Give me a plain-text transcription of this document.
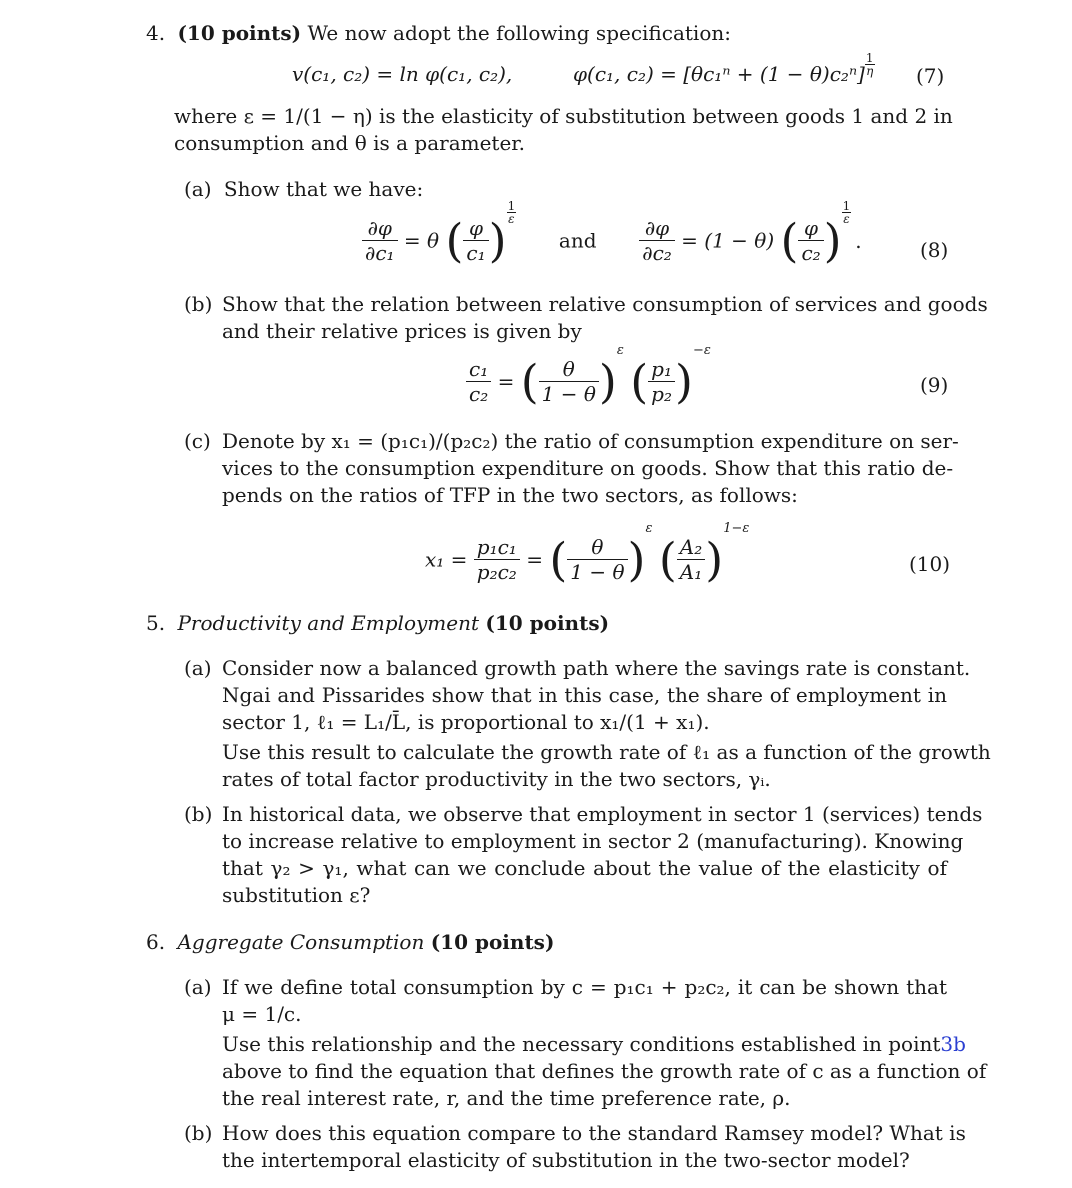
4. (10 points) We now adopt the following specification:
v(c₁, c₂) = ln φ(c₁, c₂),	φ(c₁, $c_2) = [\theta c_1^n + (1 - \theta)c_2^n] \frac{1}{\eta} (7)$
where ε = 1/(1 − η) is the elasticity of substitution between goods 1 and 2 in
consumption and θ is a parameter.
(a) Show that we have:
$\frac{\partial\varphi}{\text{∂c₁}} = \theta$ ( $\frac{\varphi}{\text{c₁}}$ )
$\frac{1}{\varepsilon}$
and $\frac{\partial\varphi}{\text{∂c₂}} = (1 - \theta)$ ( $\frac{\varphi}{\text{c₂}}$ )
$\frac{1}{\varepsilon}$
.	(8)
(b) Show that the relation between relative consumption of services and goods
and their relative prices is given by
$\frac{\text{c₁}}{\text{c₂}}$ = ( $\frac{\theta}{1 - \theta} )^\varepsilon$ ( $\frac{\text{p₁}}{\text{p₂}} )^{-\varepsilon}$
(9)
(c) Denote by x₁ = (p₁c₁)/(p₂c₂) the ratio of consumption expenditure on ser-
vices to the consumption expenditure on goods. Show that this ratio de-
pends on the ratios of TFP in the two sectors, as follows:
$x_1 = \frac{\text{p₁c₁}}{\text{p₂c₂}}$ = ( $\frac{\theta}{1 - \theta} )^\varepsilon$ ( $\frac{\text{A₂}}{\text{A₁}} )^{1-\varepsilon}$
(10)
5. Productivity and Employment (10 points)
(a) Consider now a balanced growth path where the savings rate is constant.
Ngai and Pissarides show that in this case, the share of employment in
sector 1, ℓ₁ = L₁/L̄, is proportional to x₁/(1 + x₁).
Use this result to calculate the growth rate of ℓ₁ as a function of the growth
rates of total factor productivity in the two sectors, γᵢ.
(b) In historical data, we observe that employment in sector 1 (services) tends
to increase relative to employment in sector 2 (manufacturing). Knowing
that γ₂ > γ₁, what can we conclude about the value of the elasticity of
substitution ε?
6. Aggregate Consumption (10 points)
(a) If we define total consumption by c = p₁c₁ + p₂c₂, it can be shown that
μ = 1/c.
Use this relationship and the necessary conditions established in point 3b
above to find the equation that defines the growth rate of c as a function of
the real interest rate, r, and the time preference rate, ρ.
(b) How does this equation compare to the standard Ramsey model? What is
the intertemporal elasticity of substitution in the two-sector model?
